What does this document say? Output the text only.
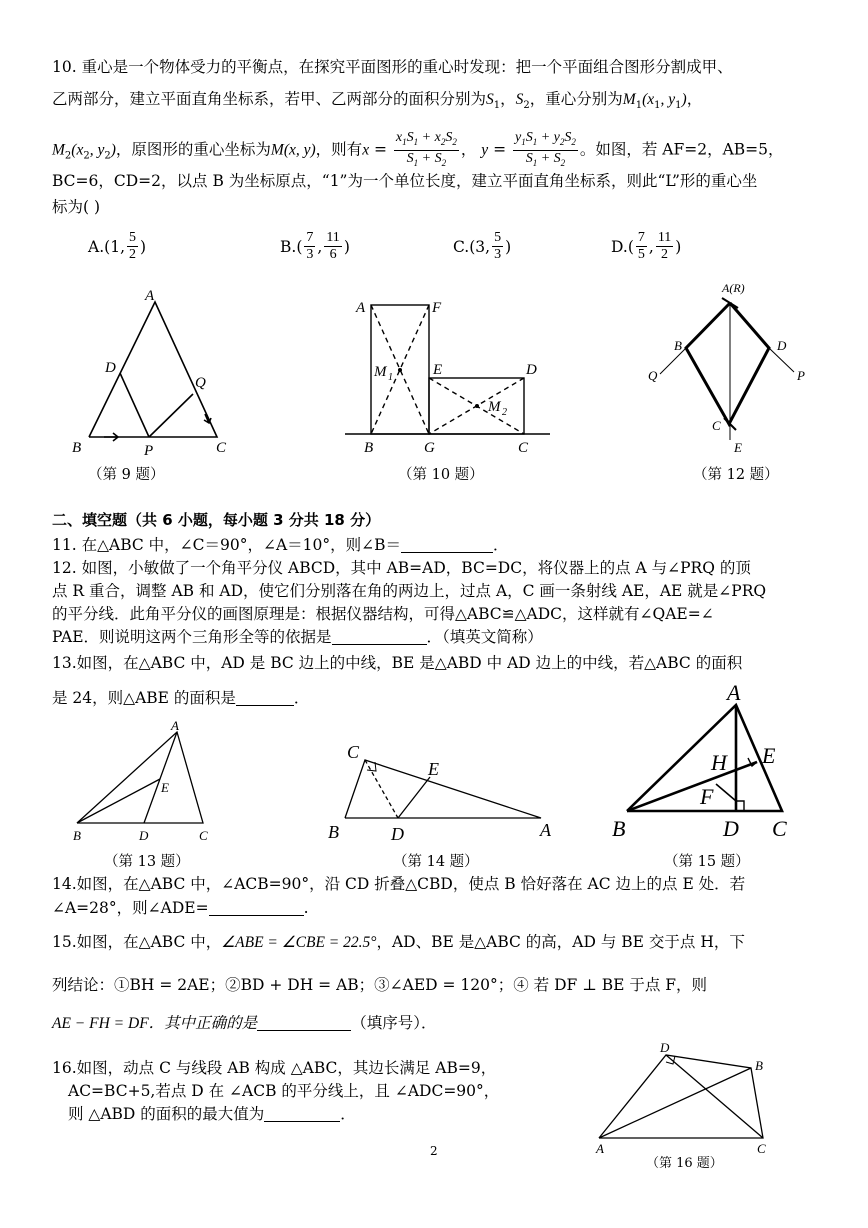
10. 重心是一个物体受力的平衡点，在探究平面图形的重心时发现：把一个平面组合图形分割成甲、
乙两部分，建立平面直角坐标系，若甲、乙两部分的面积分别为$S_1$，$S_2$，重心分别为$M_1(x_1$, $y_1$)，
$M_2(x_2$, $y_2$)，原图形的重心坐标为M(x, y)，则有$x = \frac{x_1S_1 + x_2S_2}{S_1 + S_2}$ ， $y = \frac{y_1S_1 + y_2S_2}{S_1 + S_2}$ 。如图，若 AF=2，AB=5，
BC=6，CD=2，以点 B 为坐标原点，“1”为一个单位长度，建立平面直角坐标系，则此“L”形的重心坐
标为( )
A. ( 1 , $\frac{5}{2}$ )	B. ( $\frac{7}{3}$ , $\frac{11}{6}$ )	C. ( 3 , $\frac{5}{3}$ )	D. ( $\frac{7}{5}$ , $\frac{11}{2}$ )
A
D
Q
B	P	C
A	F
E	D
M 1
M 2
B	G	C
A(R)
B	D
Q	P
C
E
A
E
B	D	C
C
E
B	D	A
A
H E
F
B	D C
D
B
A	C
（第 9 题）	（第 10 题）	（第 12 题）
二、填空题（共 6 小题，每小题 3 分共 18 分）
11. 在△ABC 中，∠C＝90°，∠A＝10°，则∠B＝	．
12. 如图，小敏做了一个角平分仪 ABCD，其中 AB=AD，BC=DC，将仪器上的点 A 与∠PRQ 的顶
点 R 重合，调整 AB 和 AD，使它们分别落在角的两边上，过点 A，C 画一条射线 AE，AE 就是∠PRQ
的平分线．此角平分仪的画图原理是：根据仪器结构，可得△ABC≌△ADC，这样就有∠QAE=∠
PAE．则说明这两个三角形全等的依据是	．（填英文简称）
13.如图，在△ABC 中，AD 是 BC 边上的中线，BE 是△ABD 中 AD 边上的中线，若△ABC 的面积
是 24，则△ABE 的面积是	．
（第 13 题）	（第 14 题）	（第 15 题）
14.如图，在△ABC 中，∠ACB=90°，沿 CD 折叠△CBD，使点 B 恰好落在 AC 边上的点 E 处．若
∠A=28°，则∠ADE=	.
15.如图，在△ABC 中，∠ABE = ∠CBE = 22.5°，AD、BE 是△ABC 的高，AD 与 BE 交于点 H，下
列结论：①BH = 2AE；②BD + DH = AB；③∠AED = 120°；④ 若 DF ⊥ BE 于点 F，则
AE − FH = DF．其中正确的是	（填序号）．
16.如图，动点 C 与线段 AB 构成 △ABC，其边长满足 AB=9，
AC=BC+5,若点 D 在 ∠ACB 的平分线上，且 ∠ADC=90°，
则 △ABD 的面积的最大值为	．
（第 16 题）
2
